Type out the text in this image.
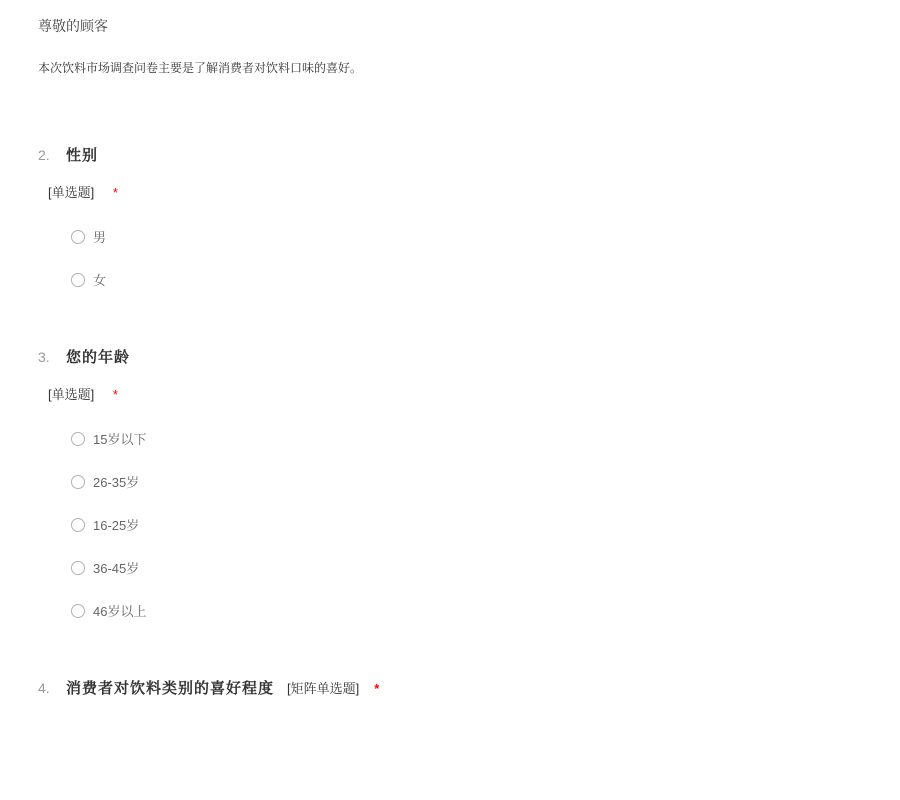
尊敬的顾客
本次饮料市场调查问卷主要是了解消费者对饮料口味的喜好。
2.	性别
[单选题] *
男
女
3.	您的年龄
[单选题] *
15岁以下
26-35岁
16-25岁
36-45岁
46岁以上
4.	消费者对饮料类别的喜好程度 [矩阵单选题] *
